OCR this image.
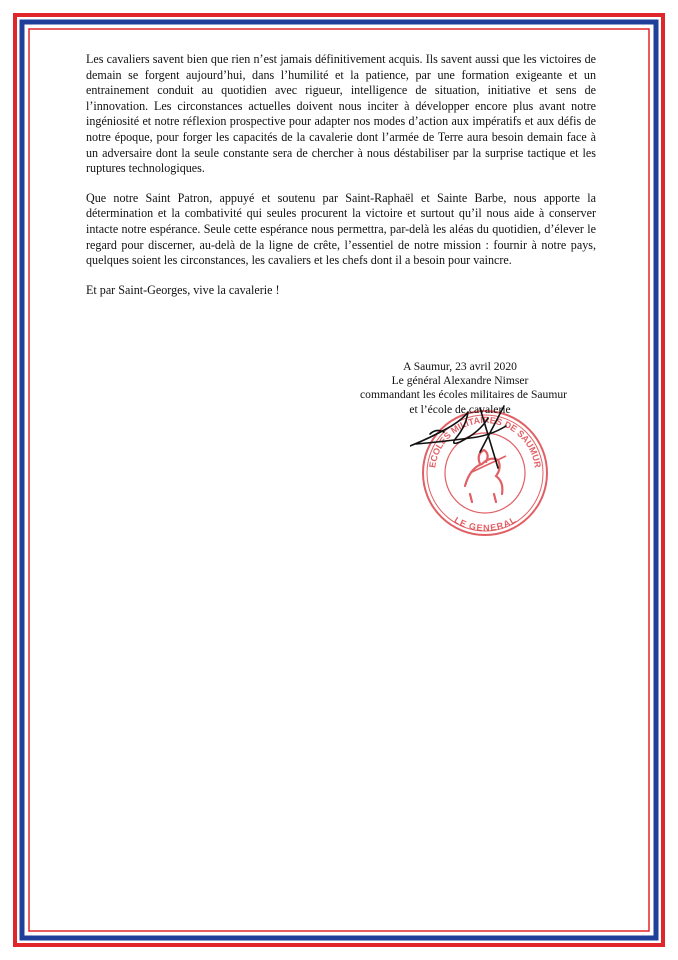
Les cavaliers savent bien que rien n’est jamais définitivement acquis. Ils savent aussi que les victoires de demain se forgent aujourd’hui, dans l’humilité et la patience, par une formation exigeante et un entrainement conduit au quotidien avec rigueur, intelligence de situation, initiative et sens de l’innovation. Les circonstances actuelles doivent nous inciter à développer encore plus avant notre ingéniosité et notre réflexion prospective pour adapter nos modes d’action aux impératifs et aux défis de notre époque, pour forger les capacités de la cavalerie dont l’armée de Terre aura besoin demain face à un adversaire dont la seule constante sera de chercher à nous déstabiliser par la surprise tactique et les ruptures technologiques.

Que notre Saint Patron, appuyé et soutenu par Saint-Raphaël et Sainte Barbe, nous apporte la détermination et la combativité qui seules procurent la victoire et surtout qu’il nous aide à conserver intacte notre espérance. Seule cette espérance nous permettra, par-delà les aléas du quotidien, d’élever le regard pour discerner, au-delà de la ligne de crête, l’essentiel de notre mission : fournir à notre pays, quelques soient les circonstances, les cavaliers et les chefs dont il a besoin pour vaincre.

Et par Saint-Georges, vive la cavalerie !

ECOLES MILITAIRES DE SAUMUR
LE GENERAL
A Saumur, 23 avril 2020
Le général Alexandre Nimser
commandant les écoles militaires de Saumur
et l’école de cavalerie
